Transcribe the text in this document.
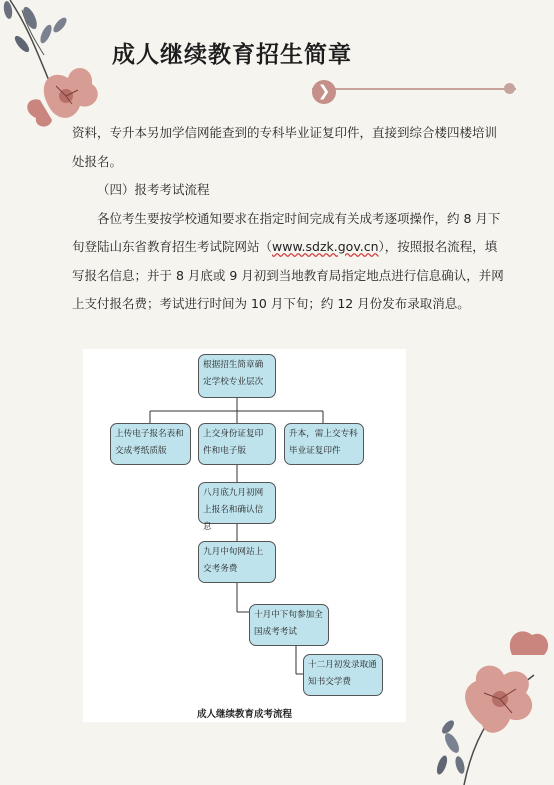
成人继续教育招生简章
❯

资料，专升本另加学信网能查到的专科毕业证复印件，直接到综合楼四楼培训处报名。

（四）报考考试流程

各位考生要按学校通知要求在指定时间完成有关成考逐项操作，约 8 月下旬登陆山东省教育招生考试院网站（www.sdzk.gov.cn），按照报名流程，填写报名信息；并于 8 月底或 9 月初到当地教育局指定地点进行信息确认，并网上支付报名费；考试进行时间为 10 月下旬；约 12 月份发布录取消息。

根据招生简章确定学校专业层次
上传电子报名表和交成考纸质版
上交身份证复印件和电子版
升本，需上交专科毕业证复印件
八月底九月初网上报名和确认信息
九月中旬网站上交考务费
十月中下旬参加全国成考考试
十二月初发录取通知书交学费
成人继续教育成考流程
